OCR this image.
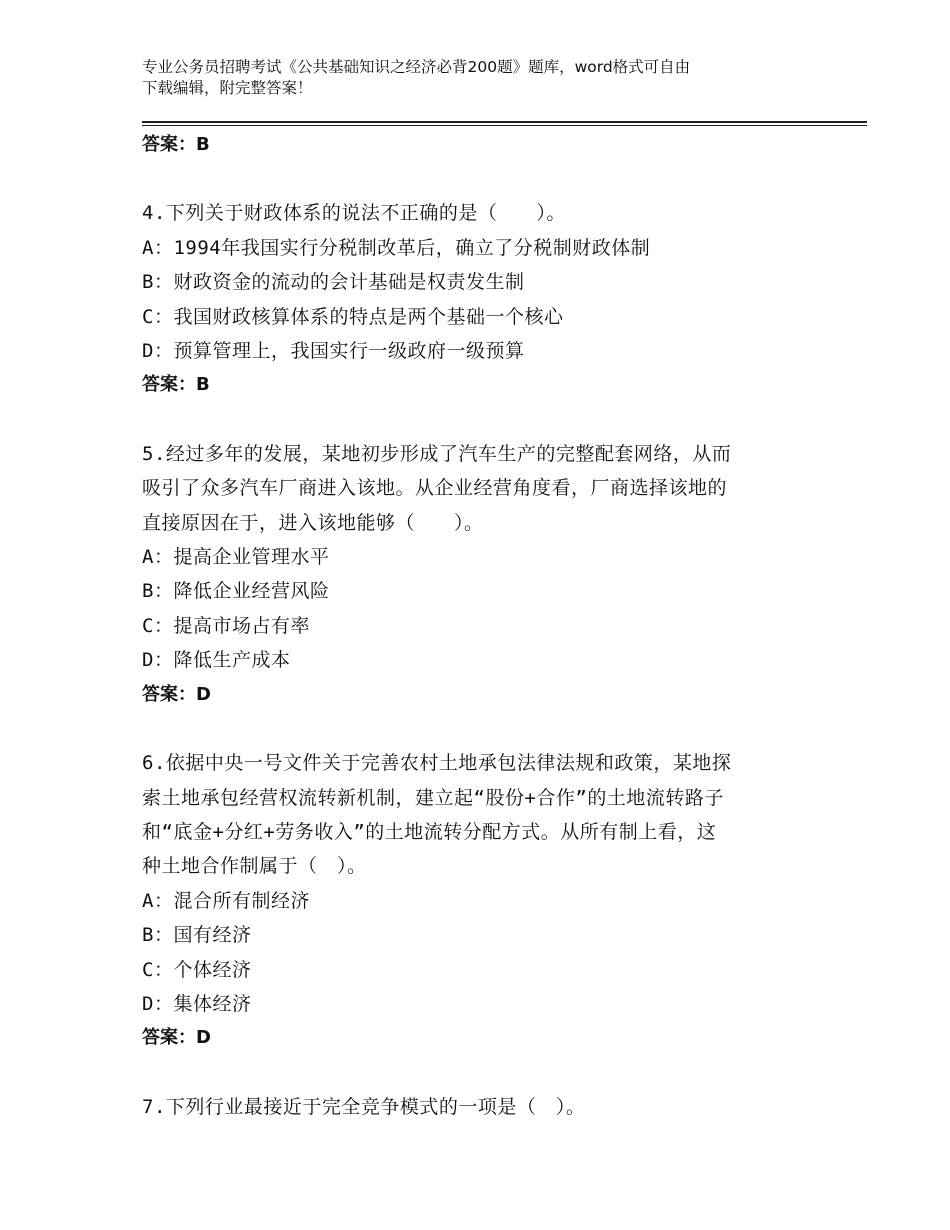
专业公务员招聘考试《公共基础知识之经济必背200题》题库，word格式可自由
下载编辑，附完整答案！
答案：B
4.下列关于财政体系的说法不正确的是（　　）。
A：1994年我国实行分税制改革后，确立了分税制财政体制
B：财政资金的流动的会计基础是权责发生制
C：我国财政核算体系的特点是两个基础一个核心
D：预算管理上，我国实行一级政府一级预算
答案：B
5.经过多年的发展，某地初步形成了汽车生产的完整配套网络，从而
吸引了众多汽车厂商进入该地。从企业经营角度看，厂商选择该地的
直接原因在于，进入该地能够（　　）。
A：提高企业管理水平
B：降低企业经营风险
C：提高市场占有率
D：降低生产成本
答案：D
6.依据中央一号文件关于完善农村土地承包法律法规和政策，某地探
索土地承包经营权流转新机制，建立起“股份+合作”的土地流转路子
和“底金+分红+劳务收入”的土地流转分配方式。从所有制上看，这
种土地合作制属于（　）。
A：混合所有制经济
B：国有经济
C：个体经济
D：集体经济
答案：D
7.下列行业最接近于完全竞争模式的一项是（　）。
